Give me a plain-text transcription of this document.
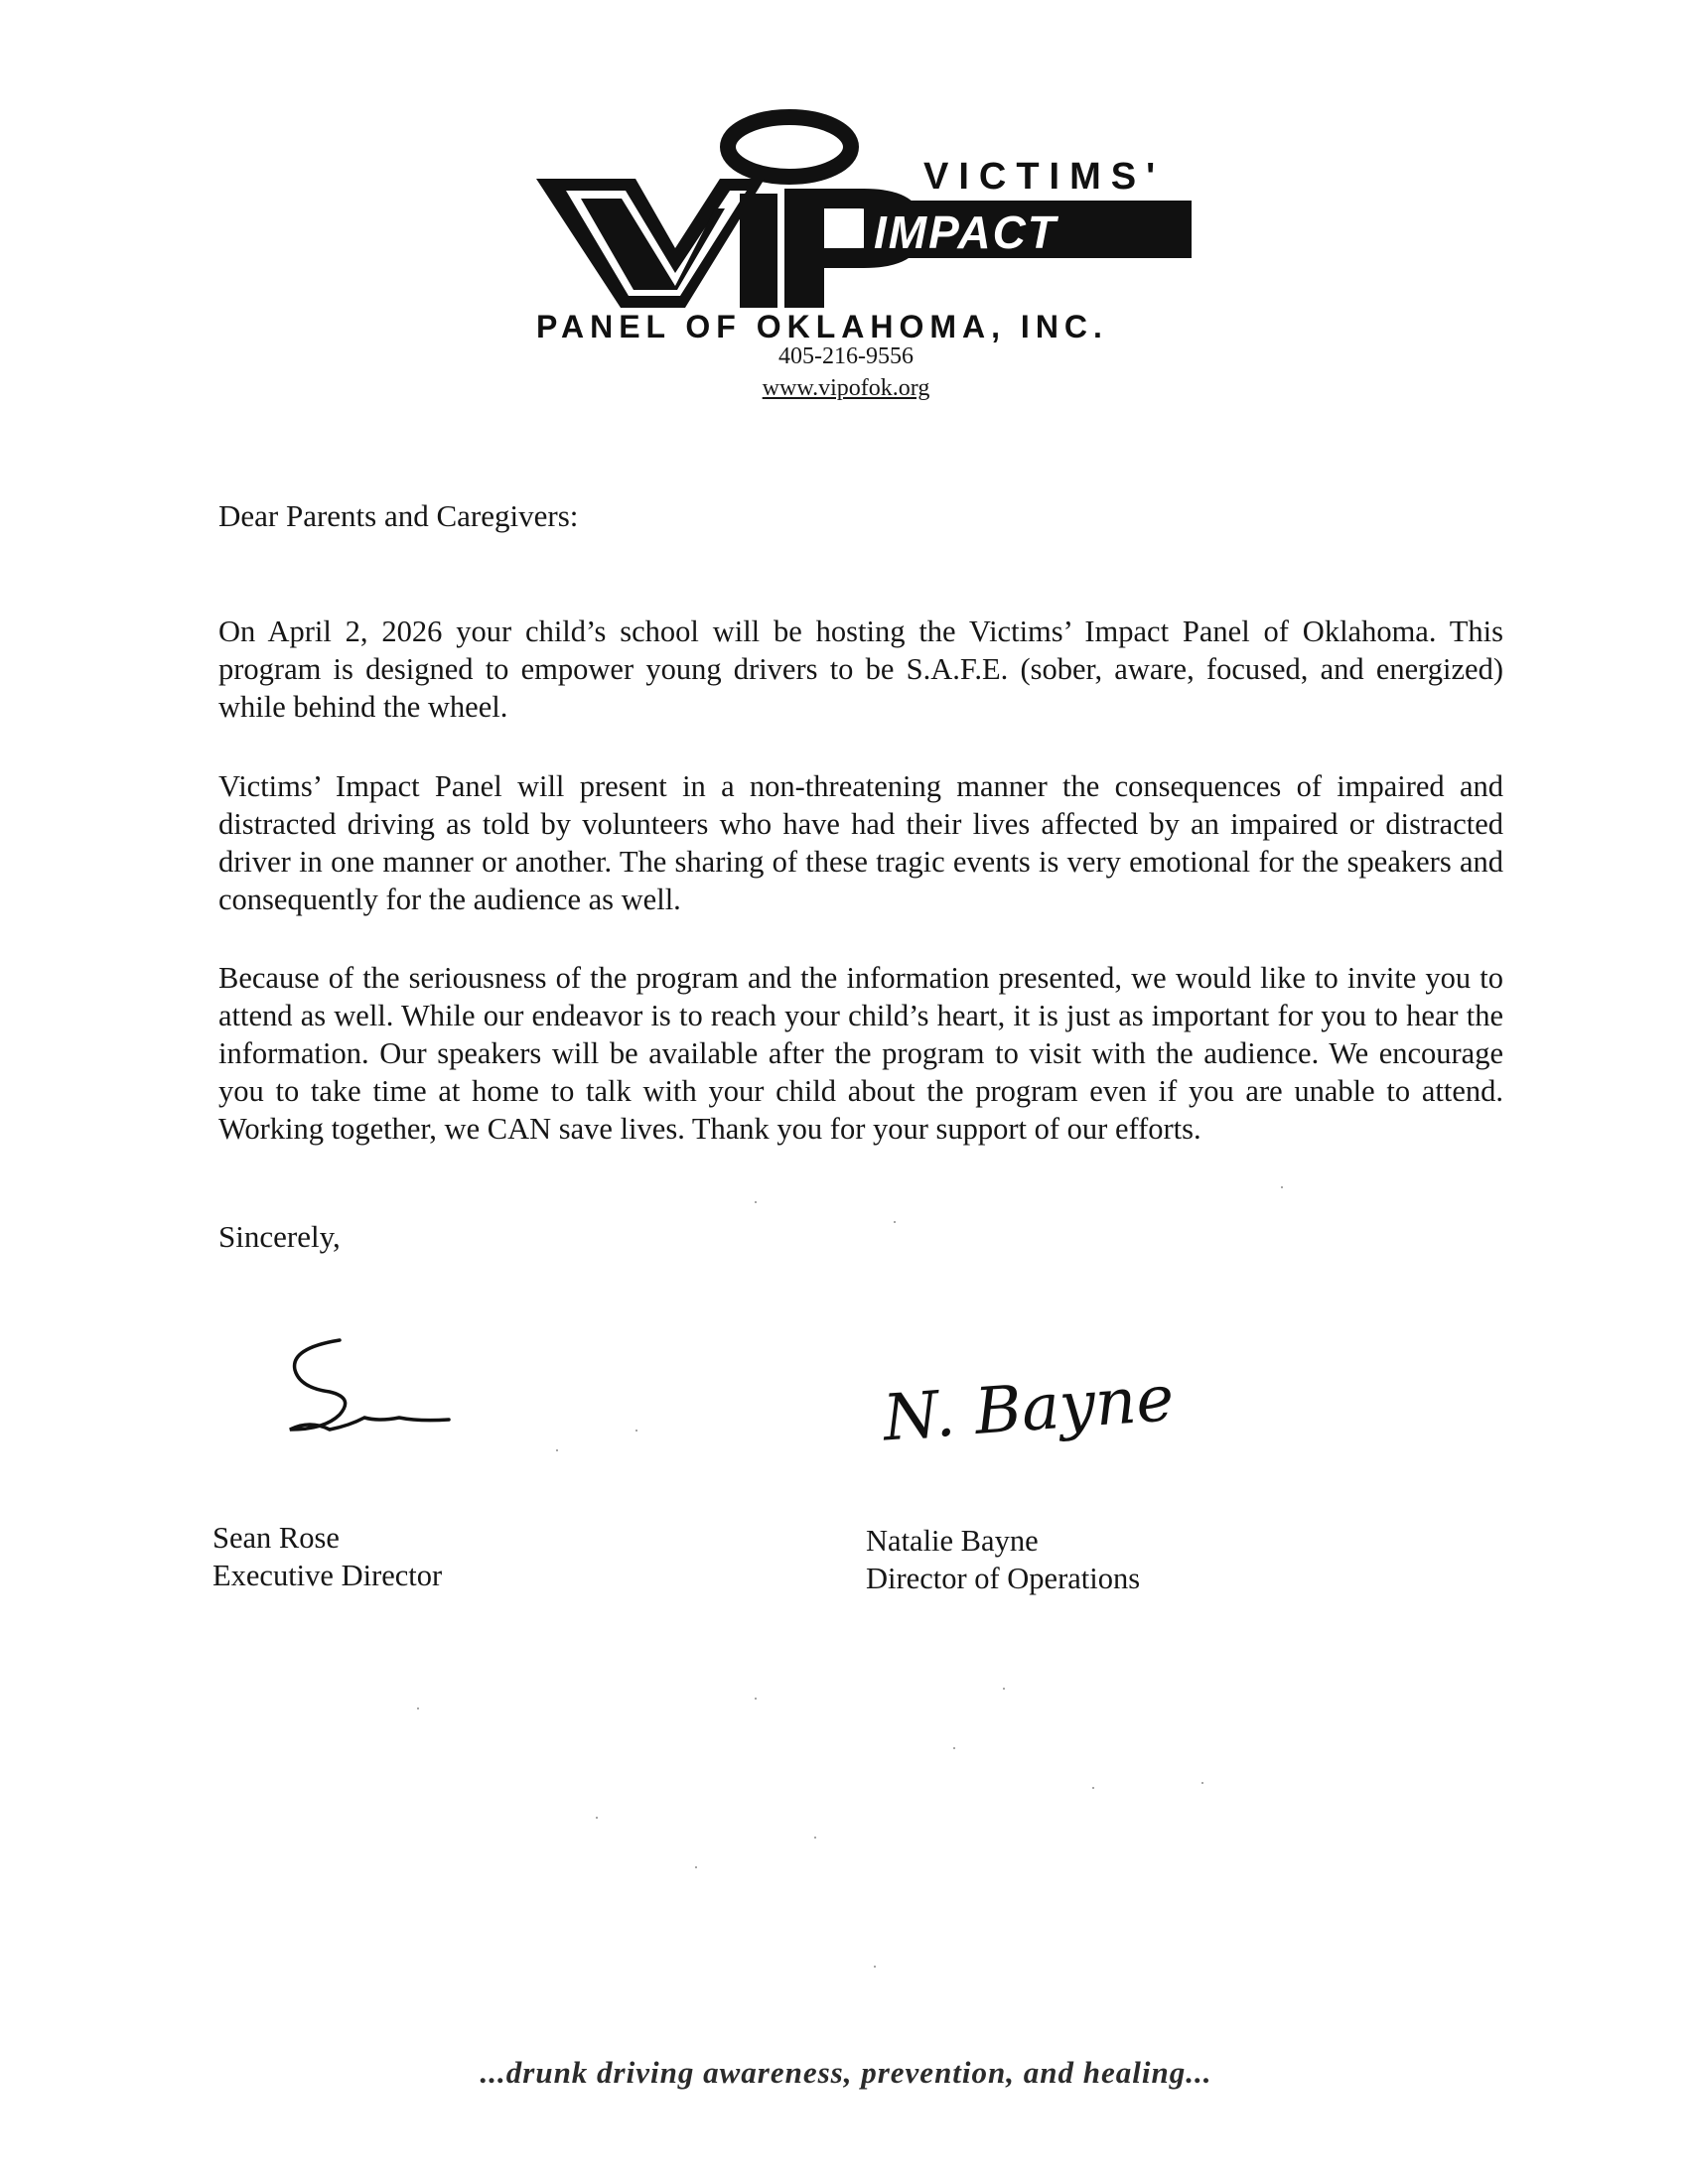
VICTIMS'
IMPACT
PANEL OF OKLAHOMA, INC.
405-216-9556
www.vipofok.org
Dear Parents and Caregivers:

On April 2, 2026 your child’s school will be hosting the Victims’ Impact Panel of Oklahoma. This program is designed to empower young drivers to be S.A.F.E. (sober, aware, focused, and energized) while behind the wheel.

Victims’ Impact Panel will present in a non-threatening manner the consequences of impaired and distracted driving as told by volunteers who have had their lives affected by an impaired or distracted driver in one manner or another. The sharing of these tragic events is very emotional for the speakers and consequently for the audience as well.

Because of the seriousness of the program and the information presented, we would like to invite you to attend as well. While our endeavor is to reach your child’s heart, it is just as important for you to hear the information. Our speakers will be available after the program to visit with the audience. We encourage you to take time at home to talk with your child about the program even if you are unable to attend. Working together, we CAN save lives. Thank you for your support of our efforts.

Sincerely,
N. Bayne
Sean Rose
Executive Director
Natalie Bayne
Director of Operations
...drunk driving awareness, prevention, and healing...
